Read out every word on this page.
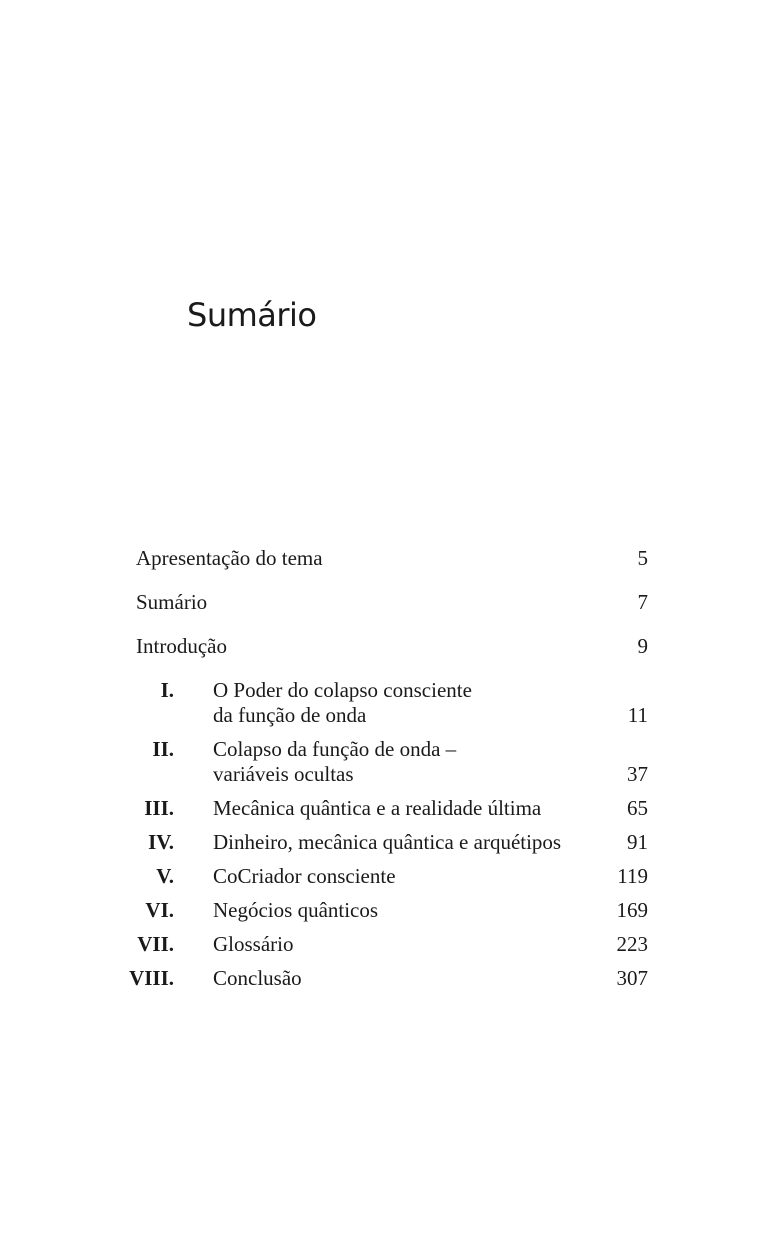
Sumário
Apresentação do tema	5
Sumário	7
Introdução	9
I. O Poder do colapso consciente
da função de onda	11
II. Colapso da função de onda –
variáveis ocultas	37
III. Mecânica quântica e a realidade última	65
IV. Dinheiro, mecânica quântica e arquétipos	91
V. CoCriador consciente	119
VI. Negócios quânticos	169
VII. Glossário	223
VIII. Conclusão	307
